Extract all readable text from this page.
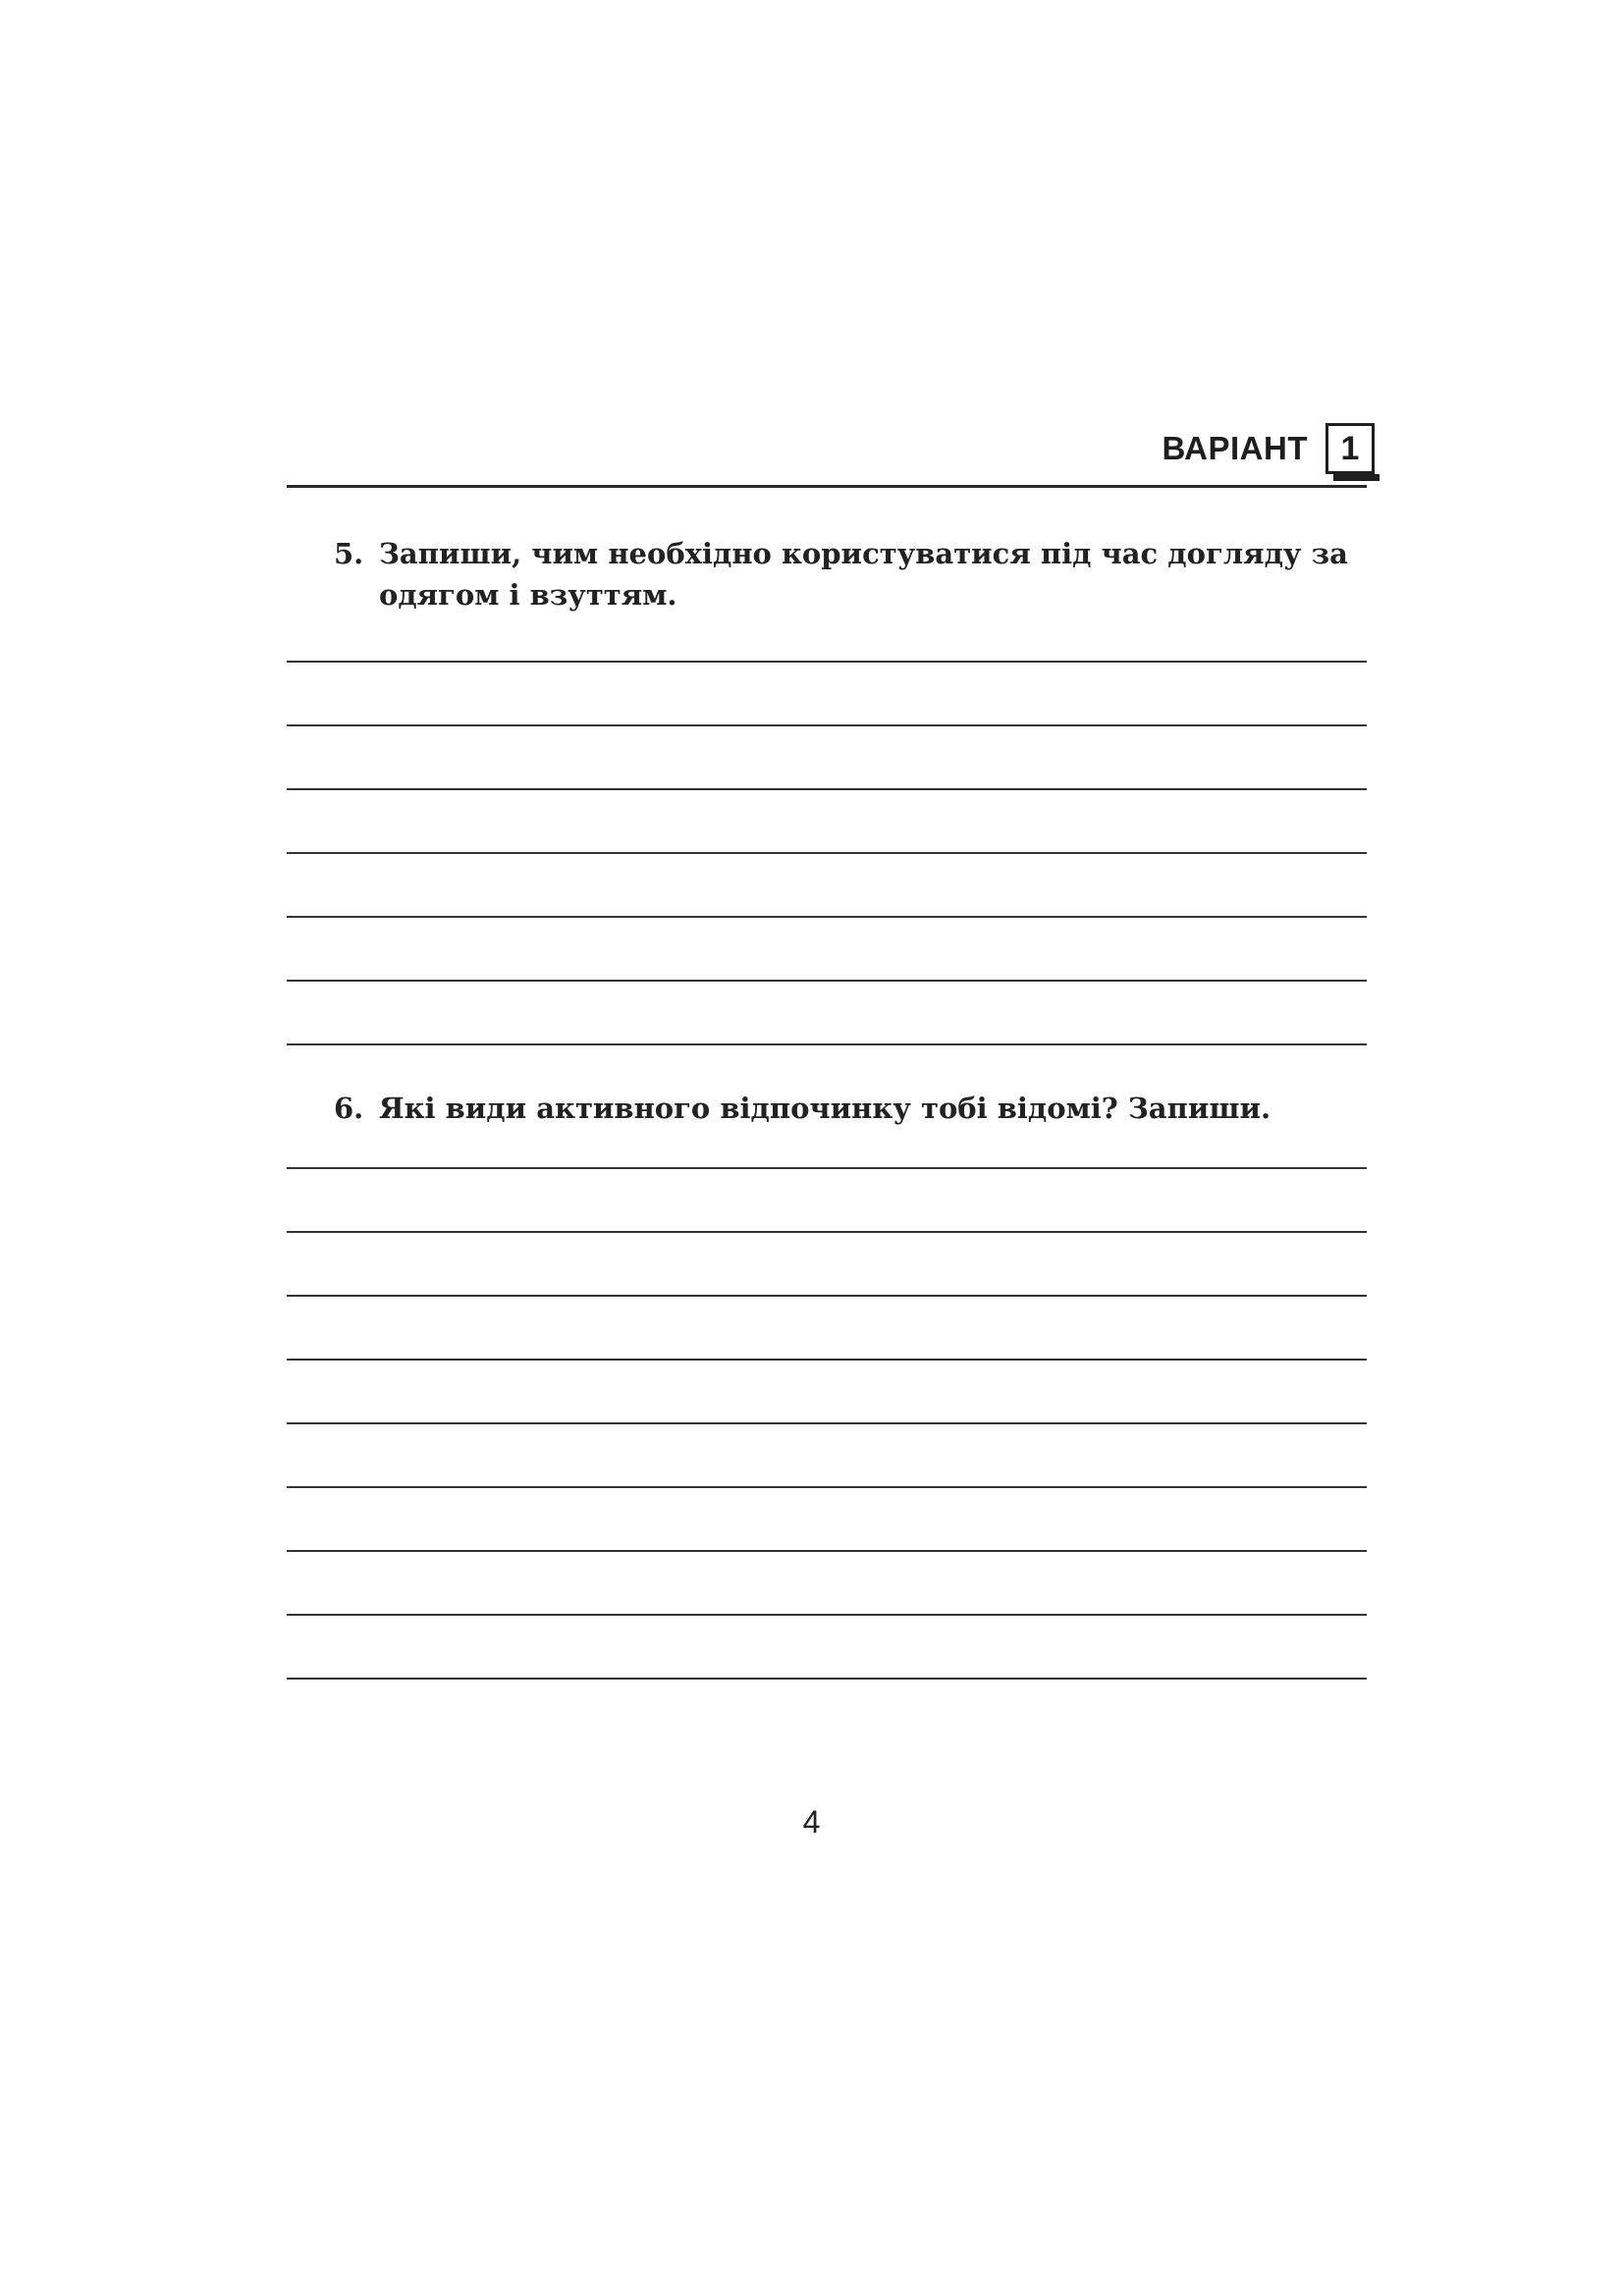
ВАРІАНТ 1
5. Запиши, чим необхідно користуватися під час догляду за одягом і взуттям.
6. Які види активного відпочинку тобі відомі? Запиши.
4
